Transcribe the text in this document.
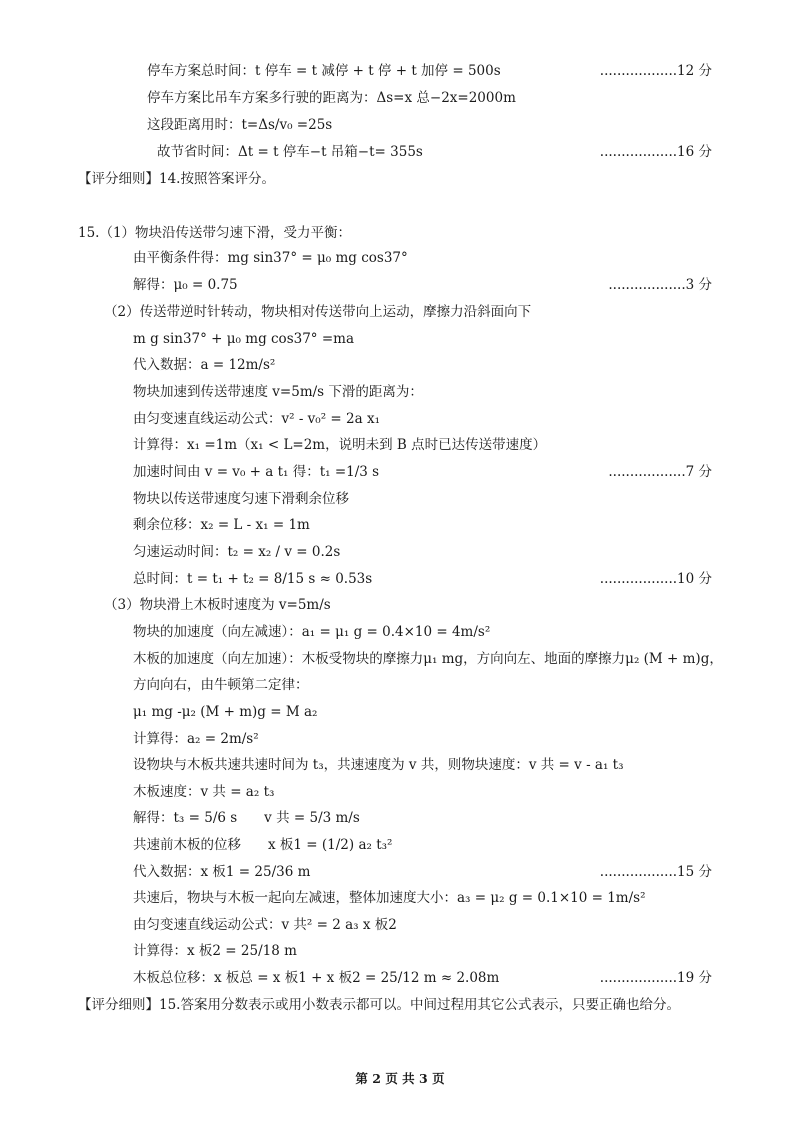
停车方案总时间：t 停车 = t 减停 + t 停 + t 加停 = 500s	..................12 分
停车方案比吊车方案多行驶的距离为：Δs=x 总−2x=2000m
这段距离用时：t=Δs/v₀ =25s
故节省时间：Δt = t 停车−t 吊箱−t= 355s	..................16 分
【评分细则】14.按照答案评分。
15.（1）物块沿传送带匀速下滑，受力平衡：
由平衡条件得：mg sin37° = μ₀ mg cos37°
解得：μ₀ = 0.75	..................3 分
（2）传送带逆时针转动，物块相对传送带向上运动，摩擦力沿斜面向下
m g sin37° + μ₀ mg cos37° =ma
代入数据：a = 12m/s²
物块加速到传送带速度 v=5m/s 下滑的距离为：
由匀变速直线运动公式：v² - v₀² = 2a x₁
计算得：x₁ =1m（x₁ < L=2m，说明未到 B 点时已达传送带速度）
加速时间由 v = v₀ + a t₁ 得：t₁ =1/3 s	..................7 分
物块以传送带速度匀速下滑剩余位移
剩余位移：x₂ = L - x₁ = 1m
匀速运动时间：t₂ = x₂ / v = 0.2s
总时间：t = t₁ + t₂ = 8/15 s ≈ 0.53s	..................10 分
（3）物块滑上木板时速度为 v=5m/s
物块的加速度（向左减速）：a₁ = μ₁ g = 0.4×10 = 4m/s²
木板的加速度（向左加速）：木板受物块的摩擦力μ₁ mg，方向向左、地面的摩擦力μ₂ (M + m)g，
方向向右，由牛顿第二定律：
μ₁ mg -μ₂ (M + m)g = M a₂
计算得：a₂ = 2m/s²
设物块与木板共速共速时间为 t₃，共速速度为 v 共，则物块速度：v 共 = v - a₁ t₃
木板速度：v 共 = a₂ t₃
解得：t₃ = 5/6 s　　v 共 = 5/3 m/s
共速前木板的位移　　x 板1 = (1/2) a₂ t₃²
代入数据：x 板1 = 25/36 m	..................15 分
共速后，物块与木板一起向左减速，整体加速度大小：a₃ = μ₂ g = 0.1×10 = 1m/s²
由匀变速直线运动公式：v 共² = 2 a₃ x 板2
计算得：x 板2 = 25/18 m
木板总位移：x 板总 = x 板1 + x 板2 = 25/12 m ≈ 2.08m	..................19 分
【评分细则】15.答案用分数表示或用小数表示都可以。中间过程用其它公式表示，只要正确也给分。
第 2 页 共 3 页
